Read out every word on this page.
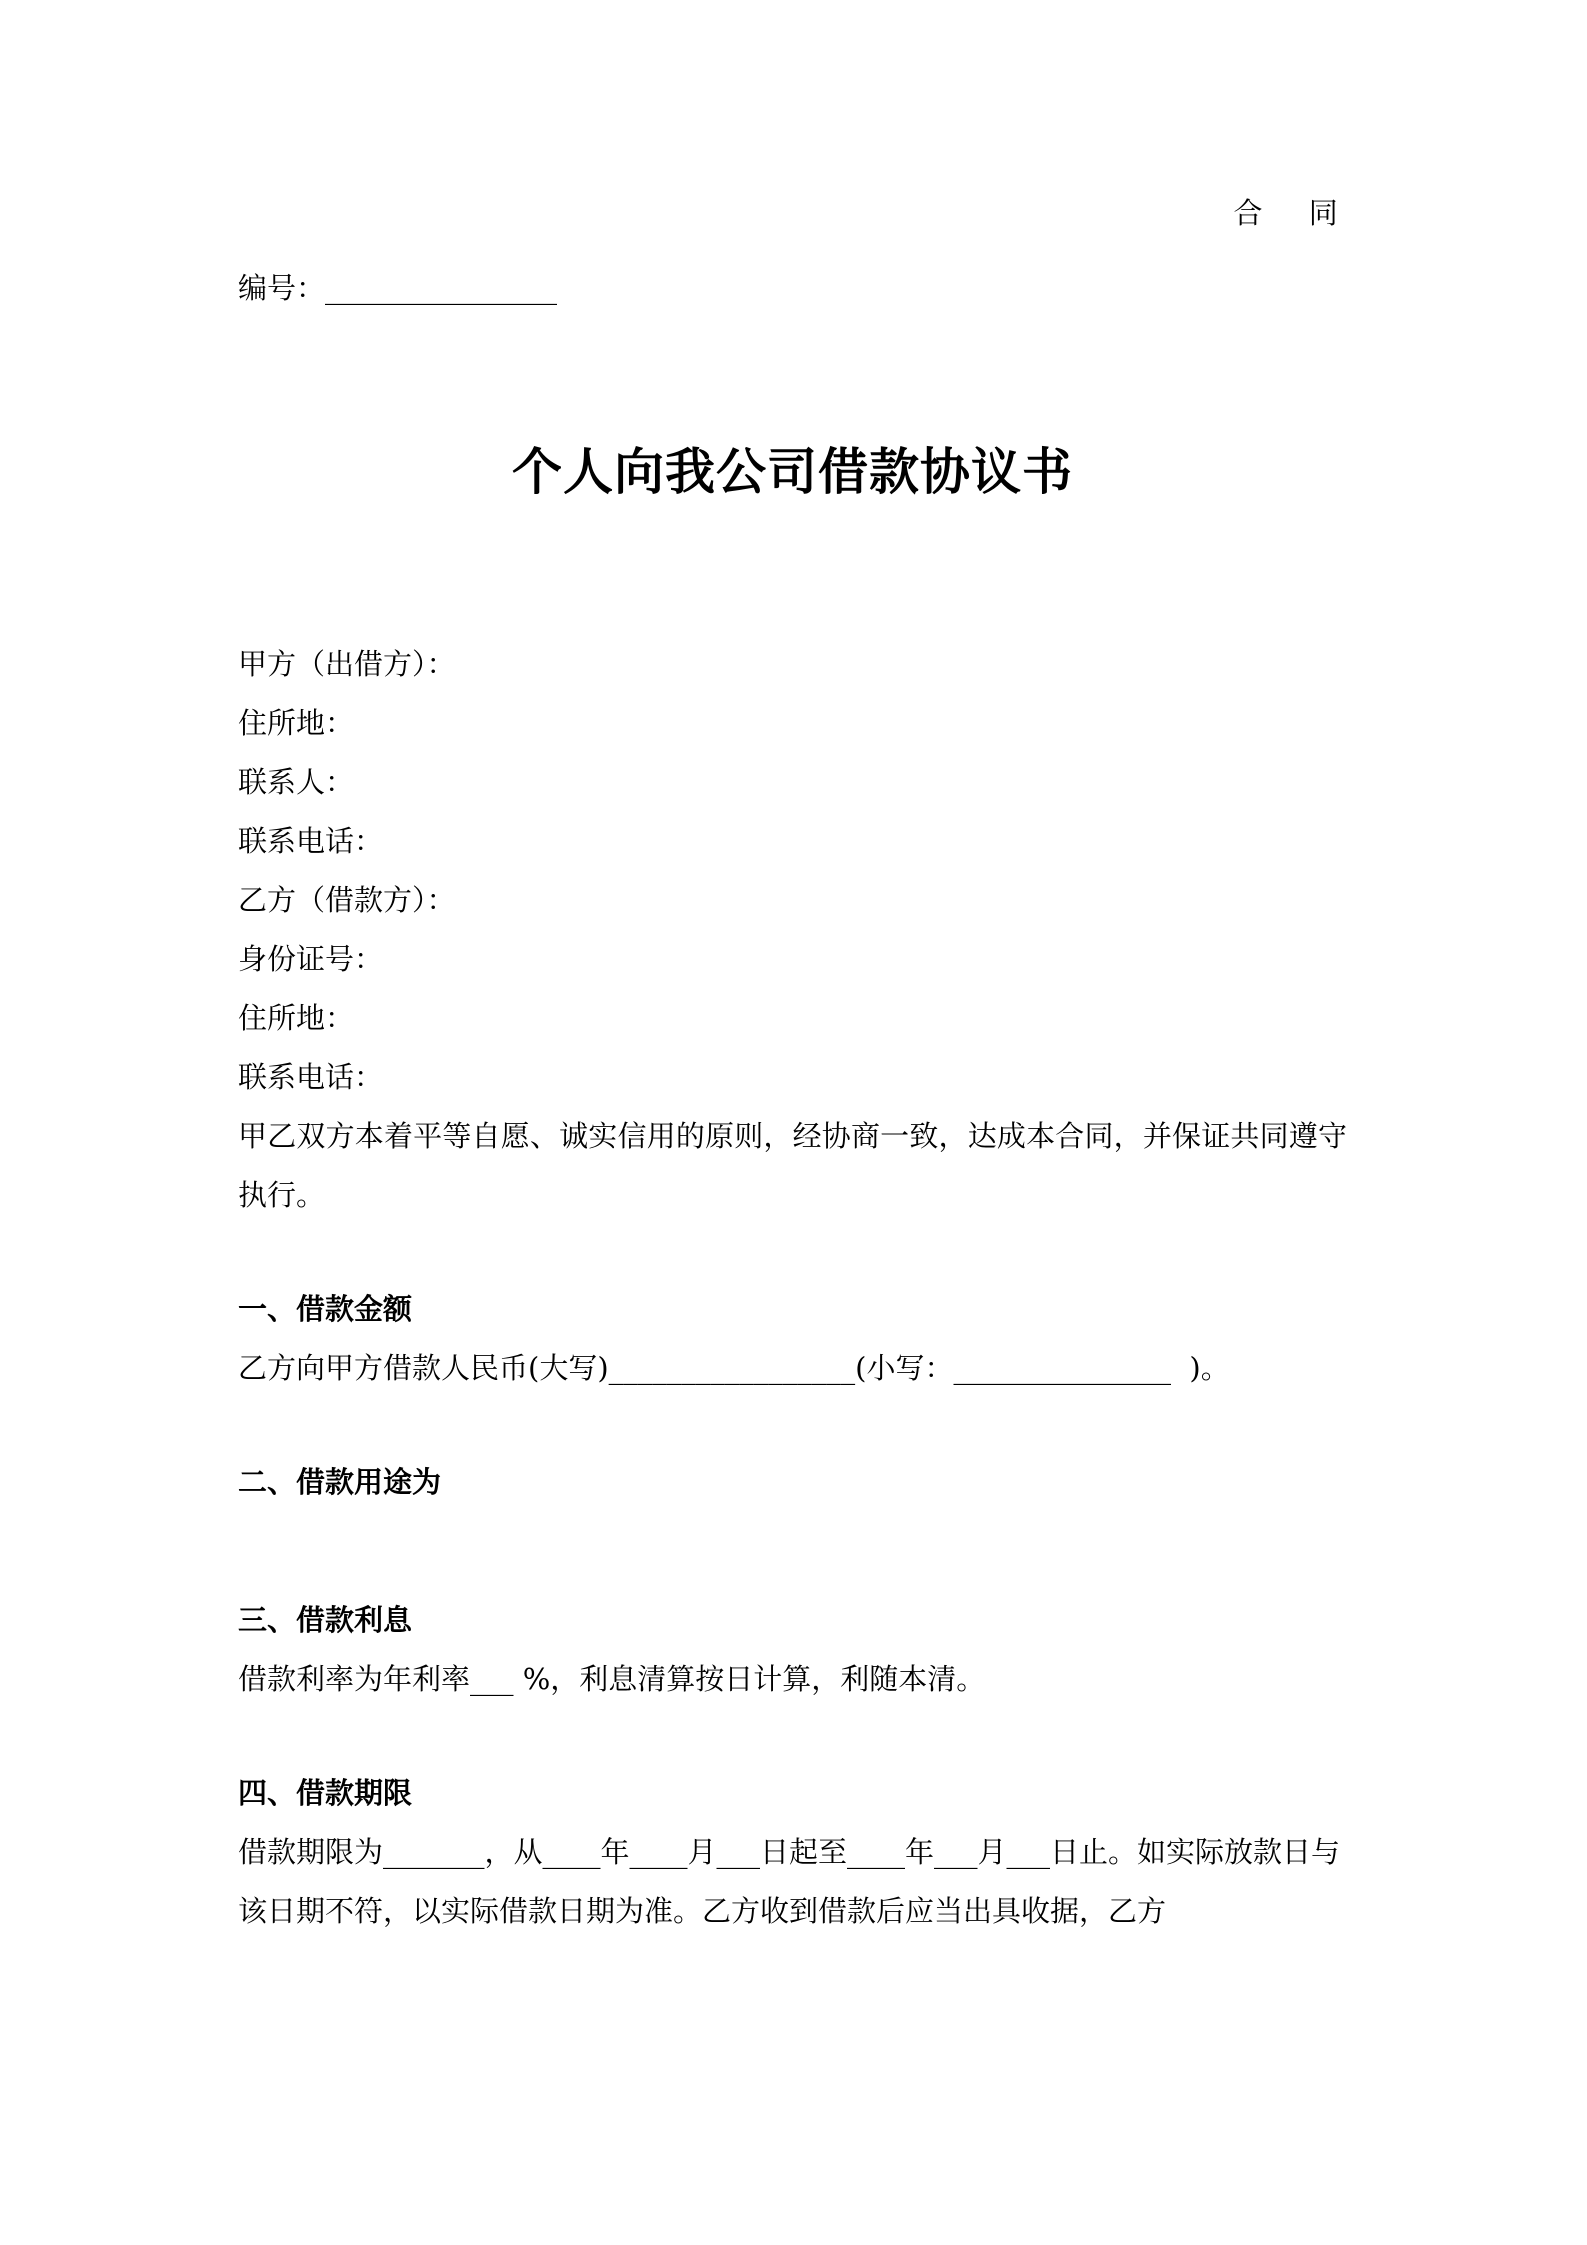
合  同
编号：________________
个人向我公司借款协议书
甲方（出借方）：
住所地：
联系人：
联系电话：
乙方（借款方）：
身份证号：
住所地：
联系电话：
甲乙双方本着平等自愿、诚实信用的原则，经协商一致，达成本合同，并保证共同遵守执行。
一、借款金额
乙方向甲方借款人民币(大写)_________________(小写：_______________  )。
二、借款用途为
三、借款利息
借款利率为年利率___ %，利息清算按日计算，利随本清。
四、借款期限
借款期限为_______，从____年____月___日起至____年___月___日止。如实际放款日与该日期不符，以实际借款日期为准。乙方收到借款后应当出具收据，乙方
